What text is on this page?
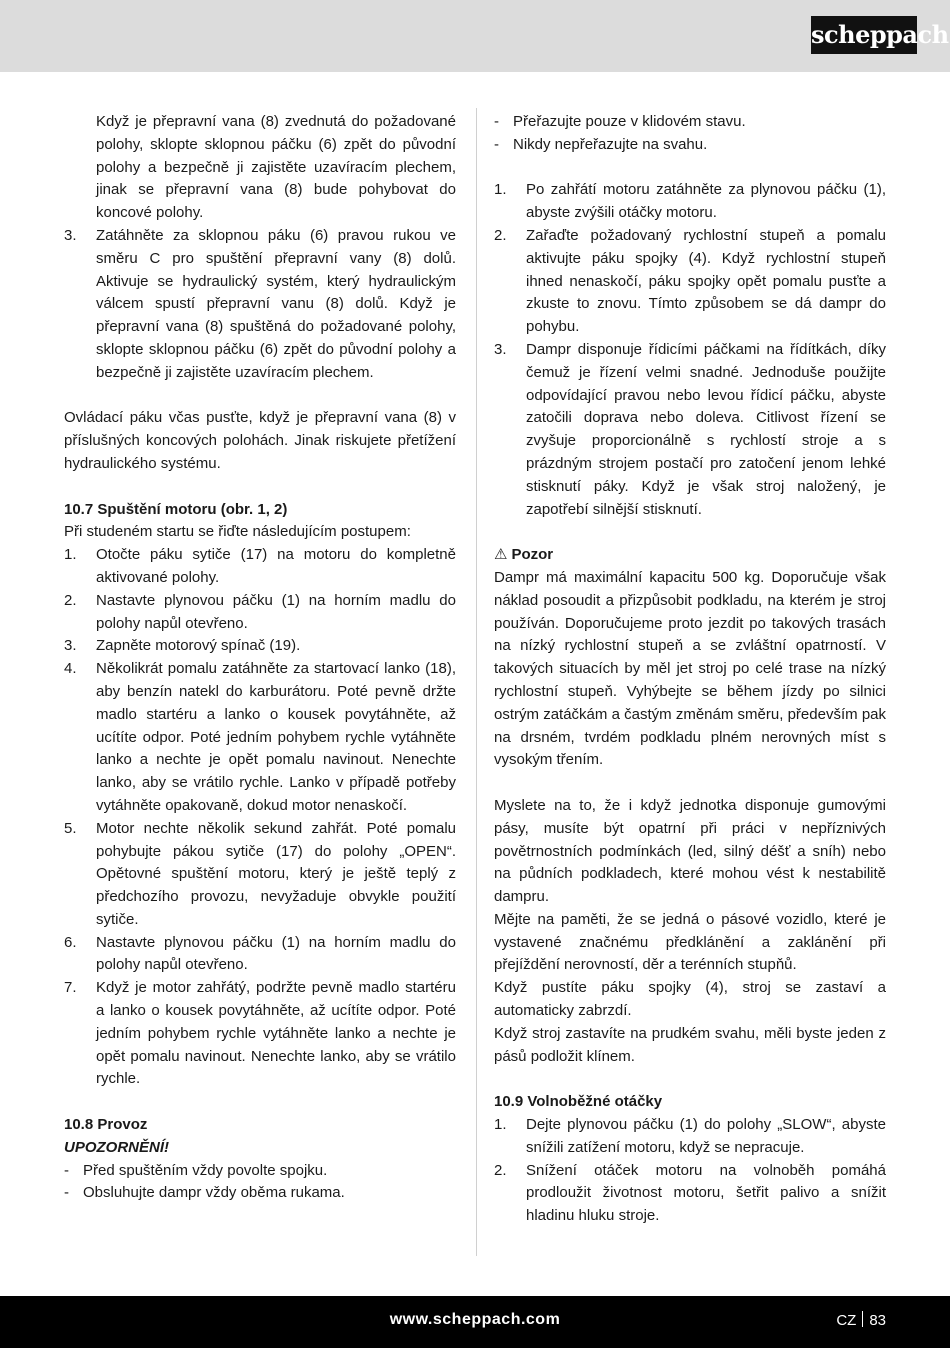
scheppach

Když je přepravní vana (8) zvednutá do požadované polohy, sklopte sklopnou páčku (6) zpět do původní polohy a bezpečně ji zajistěte uzavíracím plechem, jinak se přepravní vana (8) bude pohybovat do koncové polohy.

3. Zatáhněte za sklopnou páku (6) pravou rukou ve směru C pro spuštění přepravní vany (8) dolů. Aktivuje se hydraulický systém, který hydraulickým válcem spustí přepravní vanu (8) dolů. Když je přepravní vana (8) spuštěná do požadované polohy, sklopte sklopnou páčku (6) zpět do původní polohy a bezpečně ji zajistěte uzavíracím plechem.

Ovládací páku včas pusťte, když je přepravní vana (8) v příslušných koncových polohách. Jinak riskujete přetížení hydraulického systému.

10.7 Spuštění motoru (obr. 1, 2)

Při studeném startu se řiďte následujícím postupem:

1. Otočte páku sytiče (17) na motoru do kompletně aktivované polohy.
2. Nastavte plynovou páčku (1) na horním madlu do polohy napůl otevřeno.
3. Zapněte motorový spínač (19).
4. Několikrát pomalu zatáhněte za startovací lanko (18), aby benzín natekl do karburátoru. Poté pevně držte madlo startéru a lanko o kousek povytáhněte, až ucítíte odpor. Poté jedním pohybem rychle vytáhněte lanko a nechte je opět pomalu navinout. Nenechte lanko, aby se vrátilo rychle. Lanko v případě potřeby vytáhněte opakovaně, dokud motor nenaskočí.
5. Motor nechte několik sekund zahřát. Poté pomalu pohybujte pákou sytiče (17) do polohy „OPEN“. Opětovné spuštění motoru, který je ještě teplý z předchozího provozu, nevyžaduje obvykle použití sytiče.
6. Nastavte plynovou páčku (1) na horním madlu do polohy napůl otevřeno.
7. Když je motor zahřátý, podržte pevně madlo startéru a lanko o kousek povytáhněte, až ucítíte odpor. Poté jedním pohybem rychle vytáhněte lanko a nechte je opět pomalu navinout. Nenechte lanko, aby se vrátilo rychle.
10.8 Provoz
UPOZORNĚNÍ!
- Před spuštěním vždy povolte spojku.
- Obsluhujte dampr vždy oběma rukama.
- Přeřazujte pouze v klidovém stavu.
- Nikdy nepřeřazujte na svahu.
1. Po zahřátí motoru zatáhněte za plynovou páčku (1), abyste zvýšili otáčky motoru.
2. Zařaďte požadovaný rychlostní stupeň a pomalu aktivujte páku spojky (4). Když rychlostní stupeň ihned nenaskočí, páku spojky opět pomalu pusťte a zkuste to znovu. Tímto způsobem se dá dampr do pohybu.
3. Dampr disponuje řídicími páčkami na řídítkách, díky čemuž je řízení velmi snadné. Jednoduše použijte odpovídající pravou nebo levou řídicí páčku, abyste zatočili doprava nebo doleva. Citlivost řízení se zvyšuje proporcionálně s rychlostí stroje a s prázdným strojem postačí pro zatočení jenom lehké stisknutí páky. Když je však stroj naložený, je zapotřebí silnější stisknutí.
⚠ Pozor

Dampr má maximální kapacitu 500 kg. Doporučuje však náklad posoudit a přizpůsobit podkladu, na kterém je stroj používán. Doporučujeme proto jezdit po takových trasách na nízký rychlostní stupeň a se zvláštní opatrností. V takových situacích by měl jet stroj po celé trase na nízký rychlostní stupeň. Vyhýbejte se během jízdy po silnici ostrým zatáčkám a častým změnám směru, především pak na drsném, tvrdém podkladu plném nerovných míst s vysokým třením.

Myslete na to, že i když jednotka disponuje gumovými pásy, musíte být opatrní při práci v nepříznivých povětrnostních podmínkách (led, silný déšť a sníh) nebo na půdních podkladech, které mohou vést k nestabilitě dampru.

Mějte na paměti, že se jedná o pásové vozidlo, které je vystavené značnému předklánění a zaklánění při přejíždění nerovností, děr a terénních stupňů.

Když pustíte páku spojky (4), stroj se zastaví a automaticky zabrzdí.

Když stroj zastavíte na prudkém svahu, měli byste jeden z pásů podložit klínem.

10.9 Volnoběžné otáčky
1. Dejte plynovou páčku (1) do polohy „SLOW“, abyste snížili zatížení motoru, když se nepracuje.
2. Snížení otáček motoru na volnoběh pomáhá prodloužit životnost motoru, šetřit palivo a snížit hladinu hluku stroje.
www.scheppach.com	CZ 83
